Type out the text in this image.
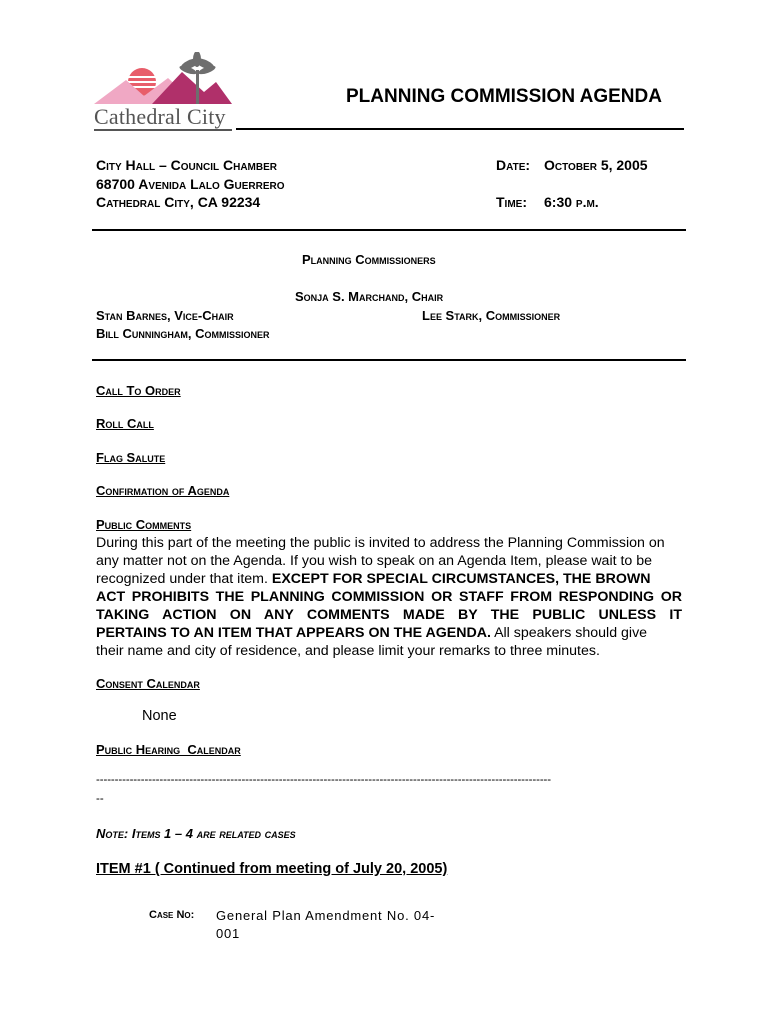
Cathedral City
PLANNING COMMISSION AGENDA
City Hall – Council Chamber
68700 Avenida Lalo Guerrero
Cathedral City, CA 92234
Date: October 5, 2005
Time: 6:30 p.m.
Planning Commissioners
Sonja S. Marchand, Chair
Stan Barnes, Vice-Chair	Lee Stark, Commissioner
Bill Cunningham, Commissioner
Call To Order
Roll Call
Flag Salute
Confirmation of Agenda
Public Comments
During this part of the meeting the public is invited to address the Planning Commission on
any matter not on the Agenda. If you wish to speak on an Agenda Item, please wait to be
recognized under that item. EXCEPT FOR SPECIAL CIRCUMSTANCES, THE BROWN
ACT PROHIBITS THE PLANNING COMMISSION OR STAFF FROM RESPONDING OR
TAKING ACTION ON ANY COMMENTS MADE BY THE PUBLIC UNLESS IT
PERTAINS TO AN ITEM THAT APPEARS ON THE AGENDA. All speakers should give
their name and city of residence, and please limit your remarks to three minutes.
Consent Calendar
None
Public Hearing  Calendar
--------------------------------------------------------------------------------------------------------------------------
--
Note: Items 1 – 4 are related cases
ITEM #1 ( Continued from meeting of July 20, 2005)
Case No: General Plan Amendment No. 04-
001
